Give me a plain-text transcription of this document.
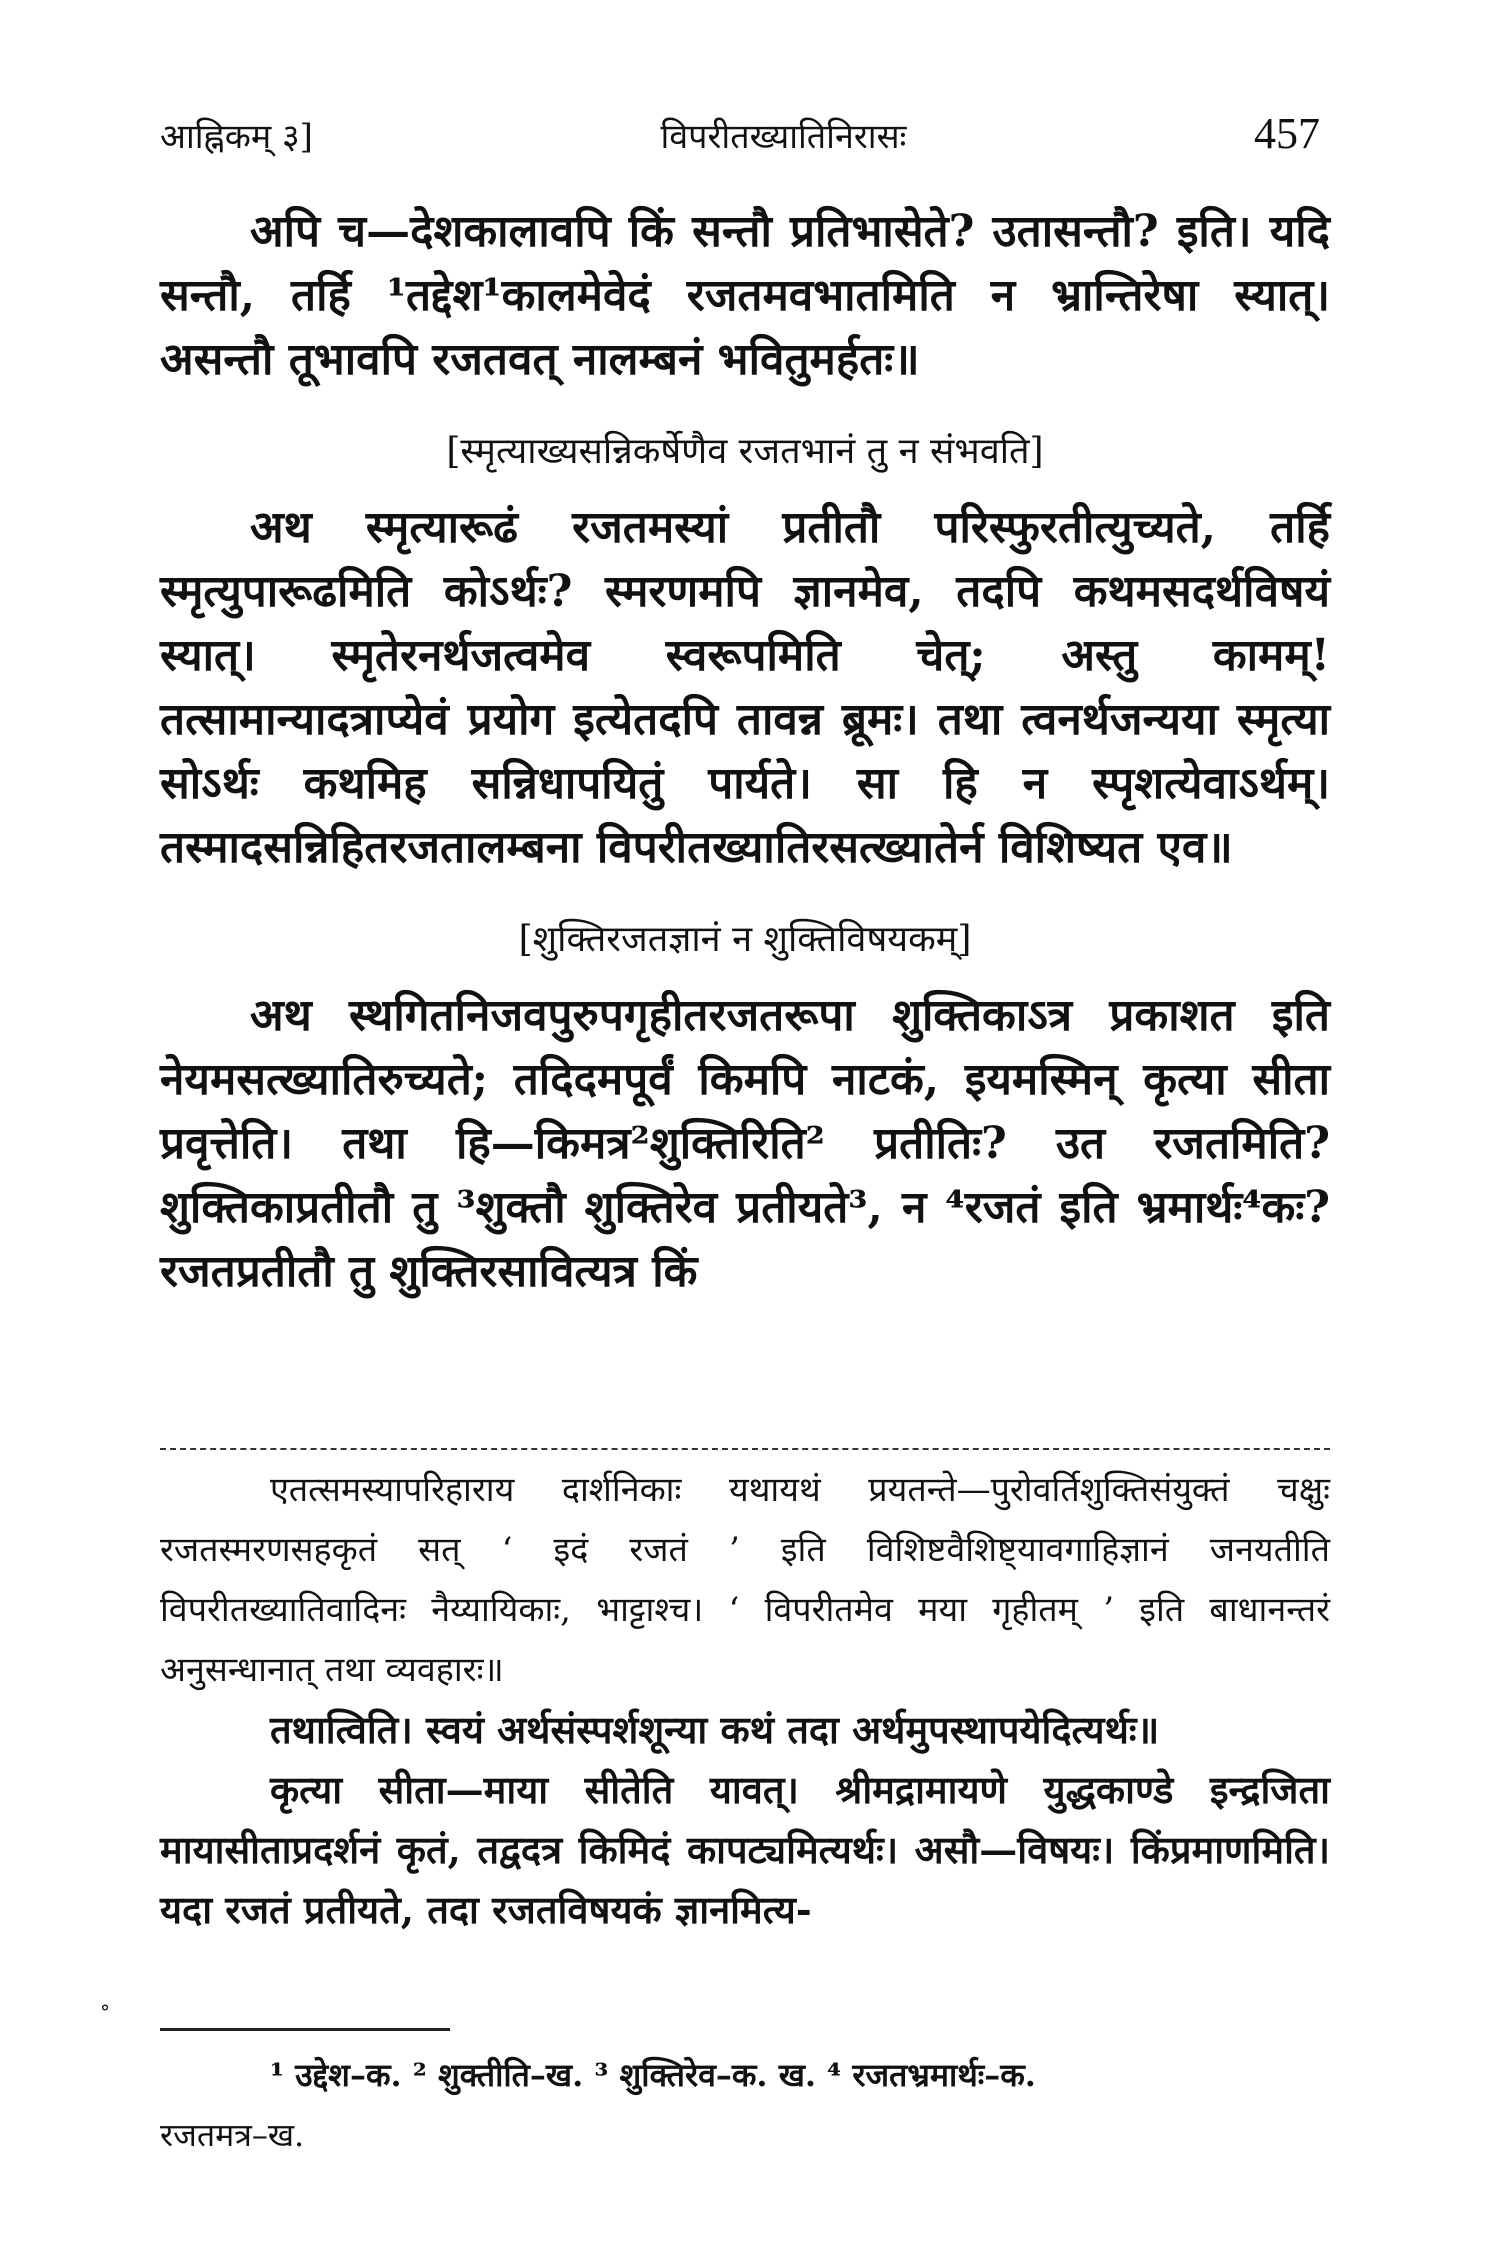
आह्निकम् ३]	विपरीतख्यातिनिरासः	457

अपि च—देशकालावपि किं सन्तौ प्रतिभासेते? उतासन्तौ? इति। यदि सन्तौ, तर्हि ¹तद्देश¹कालमेवेदं रजतमवभातमिति न भ्रान्तिरेषा स्यात्। असन्तौ तूभावपि रजतवत् नालम्बनं भवितुमर्हतः॥

[स्मृत्याख्यसन्निकर्षेणैव रजतभानं तु न संभवति]

अथ स्मृत्यारूढं रजतमस्यां प्रतीतौ परिस्फुरतीत्युच्यते, तर्हि स्मृत्युपारूढमिति कोऽर्थः? स्मरणमपि ज्ञानमेव, तदपि कथमसदर्थविषयं स्यात्। स्मृतेरनर्थजत्वमेव स्वरूपमिति चेत्; अस्तु कामम्! तत्सामान्यादत्राप्येवं प्रयोग इत्येतदपि तावन्न ब्रूमः। तथा त्वनर्थजन्यया स्मृत्या सोऽर्थः कथमिह सन्निधापयितुं पार्यते। सा हि न स्पृशत्येवाऽर्थम्। तस्मादसन्निहितरजतालम्बना विपरीतख्यातिरसत्ख्यातेर्न विशिष्यत एव॥

[शुक्तिरजतज्ञानं न शुक्तिविषयकम्]

अथ स्थगितनिजवपुरुपगृहीतरजतरूपा शुक्तिकाऽत्र प्रकाशत इति नेयमसत्ख्यातिरुच्यते; तदिदमपूर्वं किमपि नाटकं, इयमस्मिन् कृत्या सीता प्रवृत्तेति। तथा हि—किमत्र²शुक्तिरिति² प्रतीतिः? उत रजतमिति? शुक्तिकाप्रतीतौ तु ³शुक्तौ शुक्तिरेव प्रतीयते³, न ⁴रजतं इति भ्रमार्थः⁴कः? रजतप्रतीतौ तु शुक्तिरसावित्यत्र किं

एतत्समस्यापरिहाराय दार्शनिकाः यथायथं प्रयतन्ते—पुरोवर्तिशुक्तिसंयुक्तं चक्षुः रजतस्मरणसहकृतं सत् ‘ इदं रजतं ’ इति विशिष्टवैशिष्ट्यावगाहिज्ञानं जनयतीति विपरीतख्यातिवादिनः नैय्यायिकाः, भाट्टाश्च। ‘ विपरीतमेव मया गृहीतम् ’ इति बाधानन्तरं अनुसन्धानात् तथा व्यवहारः॥

तथात्विति। स्वयं अर्थसंस्पर्शशून्या कथं तदा अर्थमुपस्थापयेदित्यर्थः॥

कृत्या सीता—माया सीतेति यावत्। श्रीमद्रामायणे युद्धकाण्डे इन्द्रजिता मायासीताप्रदर्शनं कृतं, तद्वदत्र किमिदं कापट्यमित्यर्थः। असौ—विषयः। किंप्रमाणमिति। यदा रजतं प्रतीयते, तदा रजतविषयकं ज्ञानमित्य-

°
¹ उद्देश–क. ² शुक्तीति–ख. ³ शुक्तिरेव–क. ख. ⁴ रजतभ्रमार्थः–क.
रजतमत्र–ख.
